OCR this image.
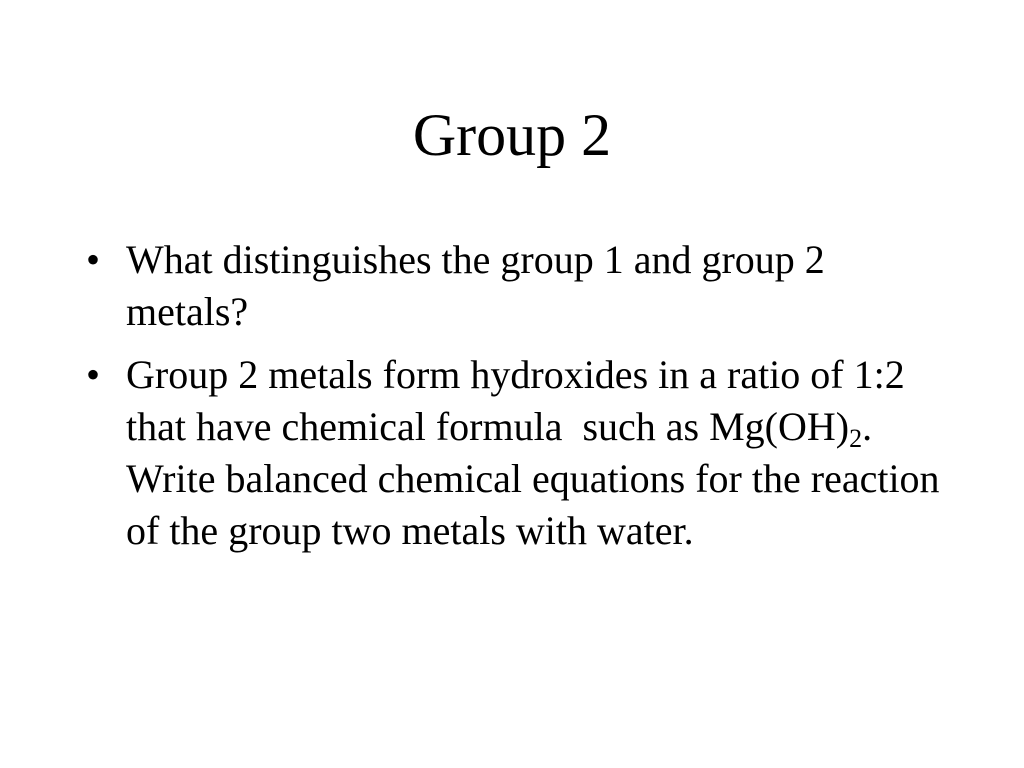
Group 2
• What distinguishes the group 1 and group 2 metals?
• Group 2 metals form hydroxides in a ratio of 1:2 that have chemical formula  such as $Mg(OH)_2$.   Write balanced chemical equations for the reaction of the group two metals with water.
